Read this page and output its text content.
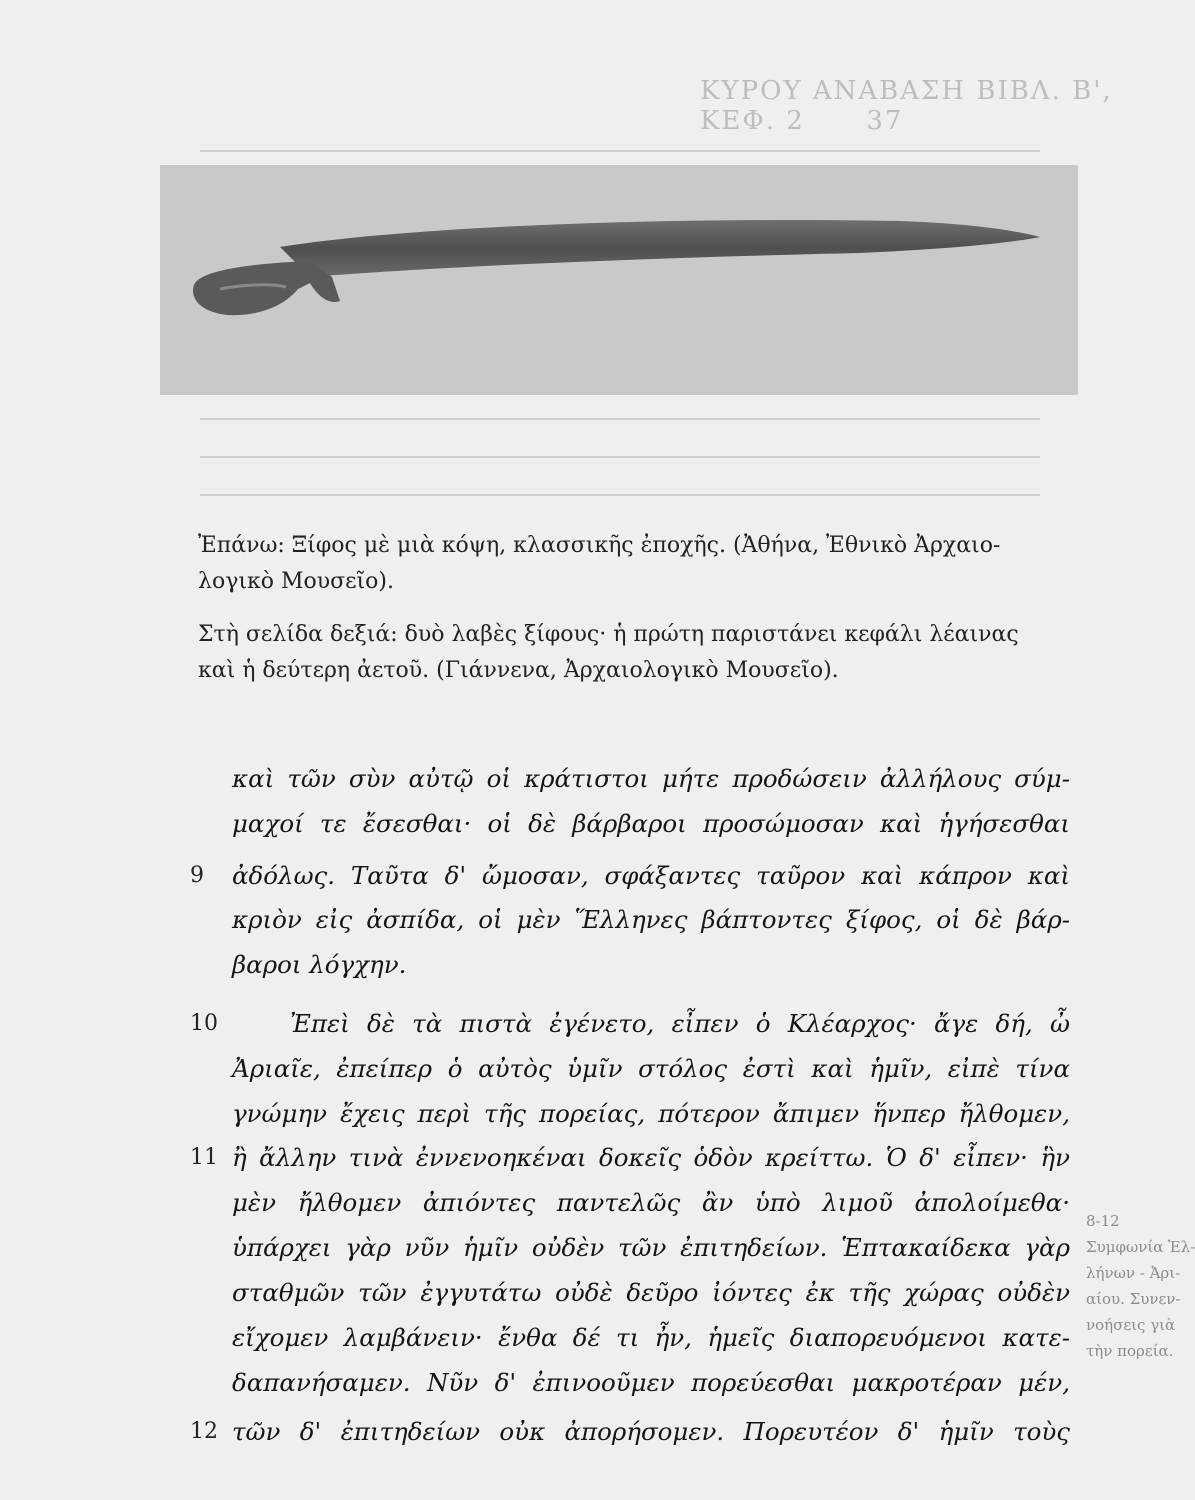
ΚΥΡΟΥ ΑΝΑΒΑΣΗ ΒΙΒΛ. Β', ΚΕΦ. 2 37
Ἐπάνω: Ξίφος μὲ μιὰ κόψη, κλασσικῆς ἐποχῆς. (Ἀθήνα, Ἐθνικὸ Ἀρχαιο-
λογικὸ Μουσεῖο).
Στὴ σελίδα δεξιά: δυὸ λαβὲς ξίφους· ἡ πρώτη παριστάνει κεφάλι λέαινας
καὶ ἡ δεύτερη ἀετοῦ. (Γιάννενα, Ἀρχαιολογικὸ Μουσεῖο).
καὶ τῶν σὺν αὐτῷ οἱ κράτιστοι μήτε προδώσειν ἀλλήλους σύμ-
μαχοί τε ἔσεσθαι· οἱ δὲ βάρβαροι προσώμοσαν καὶ ἡγήσεσθαι
9	ἀδόλως. Ταῦτα δ' ὤμοσαν, σφάξαντες ταῦρον καὶ κάπρον καὶ
κριὸν εἰς ἀσπίδα, οἱ μὲν Ἕλληνες βάπτοντες ξίφος, οἱ δὲ βάρ-
βαροι λόγχην.
10	Ἐπεὶ δὲ τὰ πιστὰ ἐγένετο, εἶπεν ὁ Κλέαρχος· ἄγε δή, ὦ
Ἀριαῖε, ἐπείπερ ὁ αὐτὸς ὑμῖν στόλος ἐστὶ καὶ ἡμῖν, εἰπὲ τίνα
γνώμην ἔχεις περὶ τῆς πορείας, πότερον ἄπιμεν ἥνπερ ἤλθομεν,
11 ἢ ἄλλην τινὰ ἐννενοηκέναι δοκεῖς ὁδὸν κρείττω. Ὁ δ' εἶπεν· ἣν
μὲν ἤλθομεν ἀπιόντες παντελῶς ἂν ὑπὸ λιμοῦ ἀπολοίμεθα·
ὑπάρχει γὰρ νῦν ἡμῖν οὐδὲν τῶν ἐπιτηδείων. Ἑπτακαίδεκα γὰρ
σταθμῶν τῶν ἐγγυτάτω οὐδὲ δεῦρο ἰόντες ἐκ τῆς χώρας οὐδὲν
εἴχομεν λαμβάνειν· ἔνθα δέ τι ἦν, ἡμεῖς διαπορευόμενοι κατε-
δαπανήσαμεν. Νῦν δ' ἐπινοοῦμεν πορεύεσθαι μακροτέραν μέν,
12 τῶν δ' ἐπιτηδείων οὐκ ἀπορήσομεν. Πορευτέον δ' ἡμῖν τοὺς
8-12
Συμφωνία Ἑλ-
λήνων - Ἀρι-
αίου. Συνεν-
νοήσεις γιὰ
τὴν πορεία.
